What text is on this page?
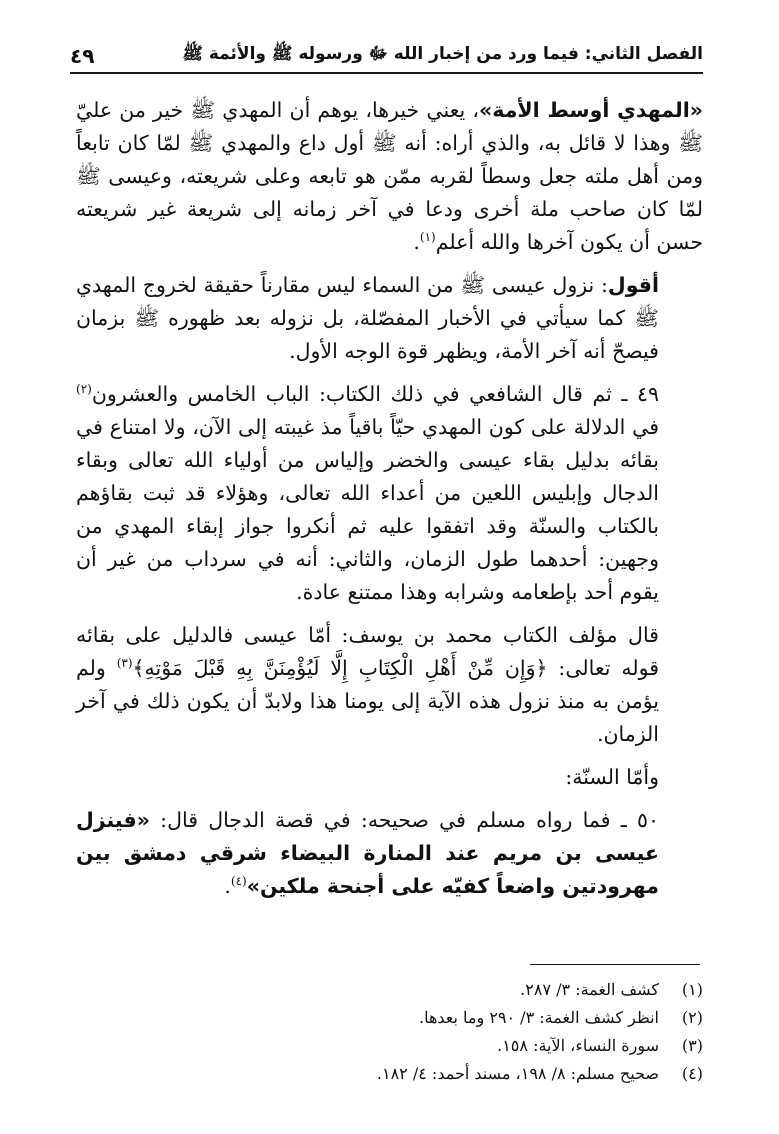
الفصل الثاني: فيما ورد من إخبار الله ﷻ ورسوله ﷺ والأئمة ﷺ
٤٩

«المهدي أوسط الأمة»، يعني خيرها، يوهم أن المهدي ﷺ خير من عليّ ﷺ وهذا لا قائل به، والذي أراه: أنه ﷺ أول داع والمهدي ﷺ لمّا كان تابعاً ومن أهل ملته جعل وسطاً لقربه ممّن هو تابعه وعلى شريعته، وعيسى ﷺ لمّا كان صاحب ملة أخرى ودعا في آخر زمانه إلى شريعة غير شريعته حسن أن يكون آخرها والله أعلم$^{(١)}$.

أقول: نزول عيسى ﷺ من السماء ليس مقارناً حقيقة لخروج المهدي ﷺ كما سيأتي في الأخبار المفصّلة، بل نزوله بعد ظهوره ﷺ بزمان فيصحّ أنه آخر الأمة، ويظهر قوة الوجه الأول.

٤٩ ـ ثم قال الشافعي في ذلك الكتاب: الباب الخامس والعشرون$^{(٢)}$ في الدلالة على كون المهدي حيّاً باقياً مذ غيبته إلى الآن، ولا امتناع في بقائه بدليل بقاء عيسى والخضر وإلياس من أولياء الله تعالى وبقاء الدجال وإبليس اللعين من أعداء الله تعالى، وهؤلاء قد ثبت بقاؤهم بالكتاب والسنّة وقد اتفقوا عليه ثم أنكروا جواز إبقاء المهدي من وجهين: أحدهما طول الزمان، والثاني: أنه في سرداب من غير أن يقوم أحد بإطعامه وشرابه وهذا ممتنع عادة.

قال مؤلف الكتاب محمد بن يوسف: أمّا عيسى فالدليل على بقائه قوله تعالى: ﴿وَإِن مِّنْ أَهْلِ الْكِتَابِ إِلَّا لَيُؤْمِنَنَّ بِهِ قَبْلَ مَوْتِهِ﴾$^{(٣)}$ ولم يؤمن به منذ نزول هذه الآية إلى يومنا هذا ولابدّ أن يكون ذلك في آخر الزمان.

وأمّا السنّة:

٥٠ ـ فما رواه مسلم في صحيحه: في قصة الدجال قال: «فينزل عيسى بن مريم عند المنارة البيضاء شرقي دمشق بين مهرودتين واضعاً كفيّه على أجنحة ملكين»$^{(٤)}$.

(١)
كشف الغمة: ٣/ ٢٨٧.
(٢)
انظر كشف الغمة: ٣/ ٢٩٠ وما بعدها.
(٣)
سورة النساء، الآية: ١٥٨.
(٤)
صحيح مسلم: ٨/ ١٩٨، مسند أحمد: ٤/ ١٨٢.
